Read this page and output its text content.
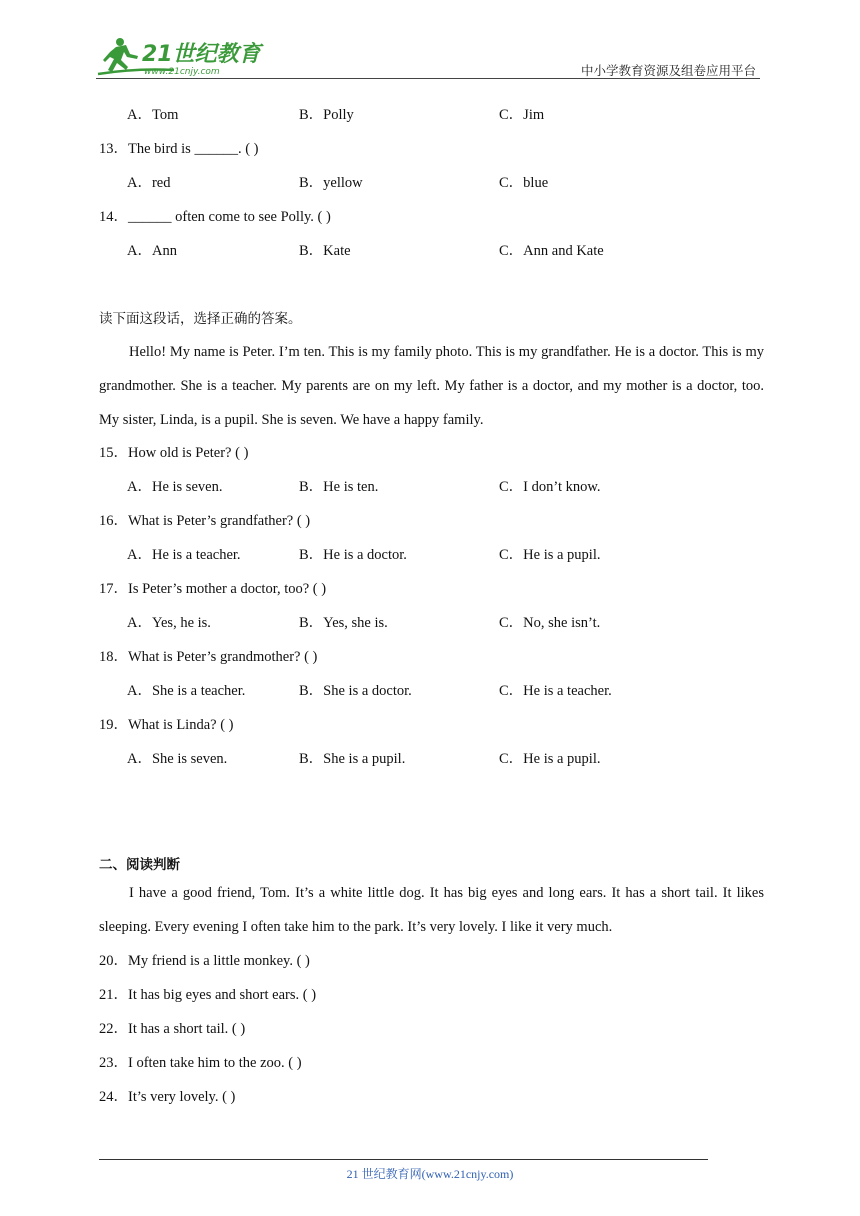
21世纪教育
www.21cnjy.com	中小学教育资源及组卷应用平台
A．Tom	B．Polly	C．Jim
13．The bird is ______. ( )
A．red	B．yellow	C．blue
14．______ often come to see Polly. ( )
A．Ann	B．Kate	C．Ann and Kate
读下面这段话，选择正确的答案。

Hello! My name is Peter. I’m ten. This is my family photo. This is my grandfather. He is a doctor. This is my grandmother. She is a teacher. My parents are on my left. My father is a doctor, and my mother is a doctor, too. My sister, Linda, is a pupil. She is seven. We have a happy family.

15．How old is Peter? ( )
A．He is seven.	B．He is ten.	C．I don’t know.
16．What is Peter’s grandfather? ( )
A．He is a teacher.	B．He is a doctor.	C．He is a pupil.
17．Is Peter’s mother a doctor, too? ( )
A．Yes, he is.	B．Yes, she is.	C．No, she isn’t.
18．What is Peter’s grandmother? ( )
A．She is a teacher.	B．She is a doctor.	C．He is a teacher.
19．What is Linda? ( )
A．She is seven.	B．She is a pupil.	C．He is a pupil.
二、阅读判断

I have a good friend, Tom. It’s a white little dog. It has big eyes and long ears. It has a short tail. It likes sleeping. Every evening I often take him to the park. It’s very lovely. I like it very much.

20．My friend is a little monkey. ( )
21．It has big eyes and short ears. ( )
22．It has a short tail. ( )
23．I often take him to the zoo. ( )
24．It’s very lovely. ( )
21 世纪教育网(www.21cnjy.com)
